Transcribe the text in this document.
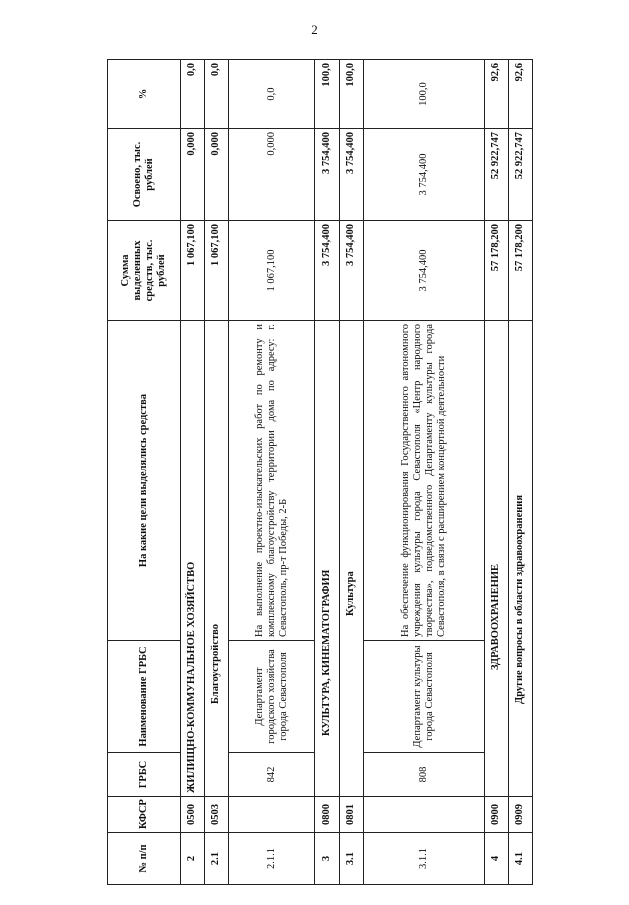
2
№ п/п	КФСР	ГРБС	Наименование ГРБС	На какие цели выделялись средства	Сумма выделенных средств, тыс. рублей	Освоено, тыс. рублей	%
2	0500	ЖИЛИЩНО-КОММУНАЛЬНОЕ ХОЗЯЙСТВО			1 067,100	0,000	0,0
2.1	0503	Благоустройство			1 067,100	0,000	0,0
2.1.1		842	Департамент городского хозяйства города Севастополя	На выполнение проектно-изыскательских работ по ремонту и комплексному благоустройству территории дома по адресу: г. Севастополь, пр-т Победы, 2-Б	1 067,100	0,000	0,0
3	0800	КУЛЬТУРА, КИНЕМАТОГРАФИЯ			3 754,400	3 754,400	100,0
3.1	0801	Культура			3 754,400	3 754,400	100,0
3.1.1		808	Департамент культуры города Севастополя	На обеспечение функционирования Государственного автономного учреждения культуры города Севастополя «Центр народного творчества», подведомственного Департаменту культуры города Севастополя, в связи с расширением концертной деятельности	3 754,400	3 754,400	100,0
4	0900	ЗДРАВООХРАНЕНИЕ			57 178,200	52 922,747	92,6
4.1	0909	Другие вопросы в области здравоохранения			57 178,200	52 922,747	92,6
